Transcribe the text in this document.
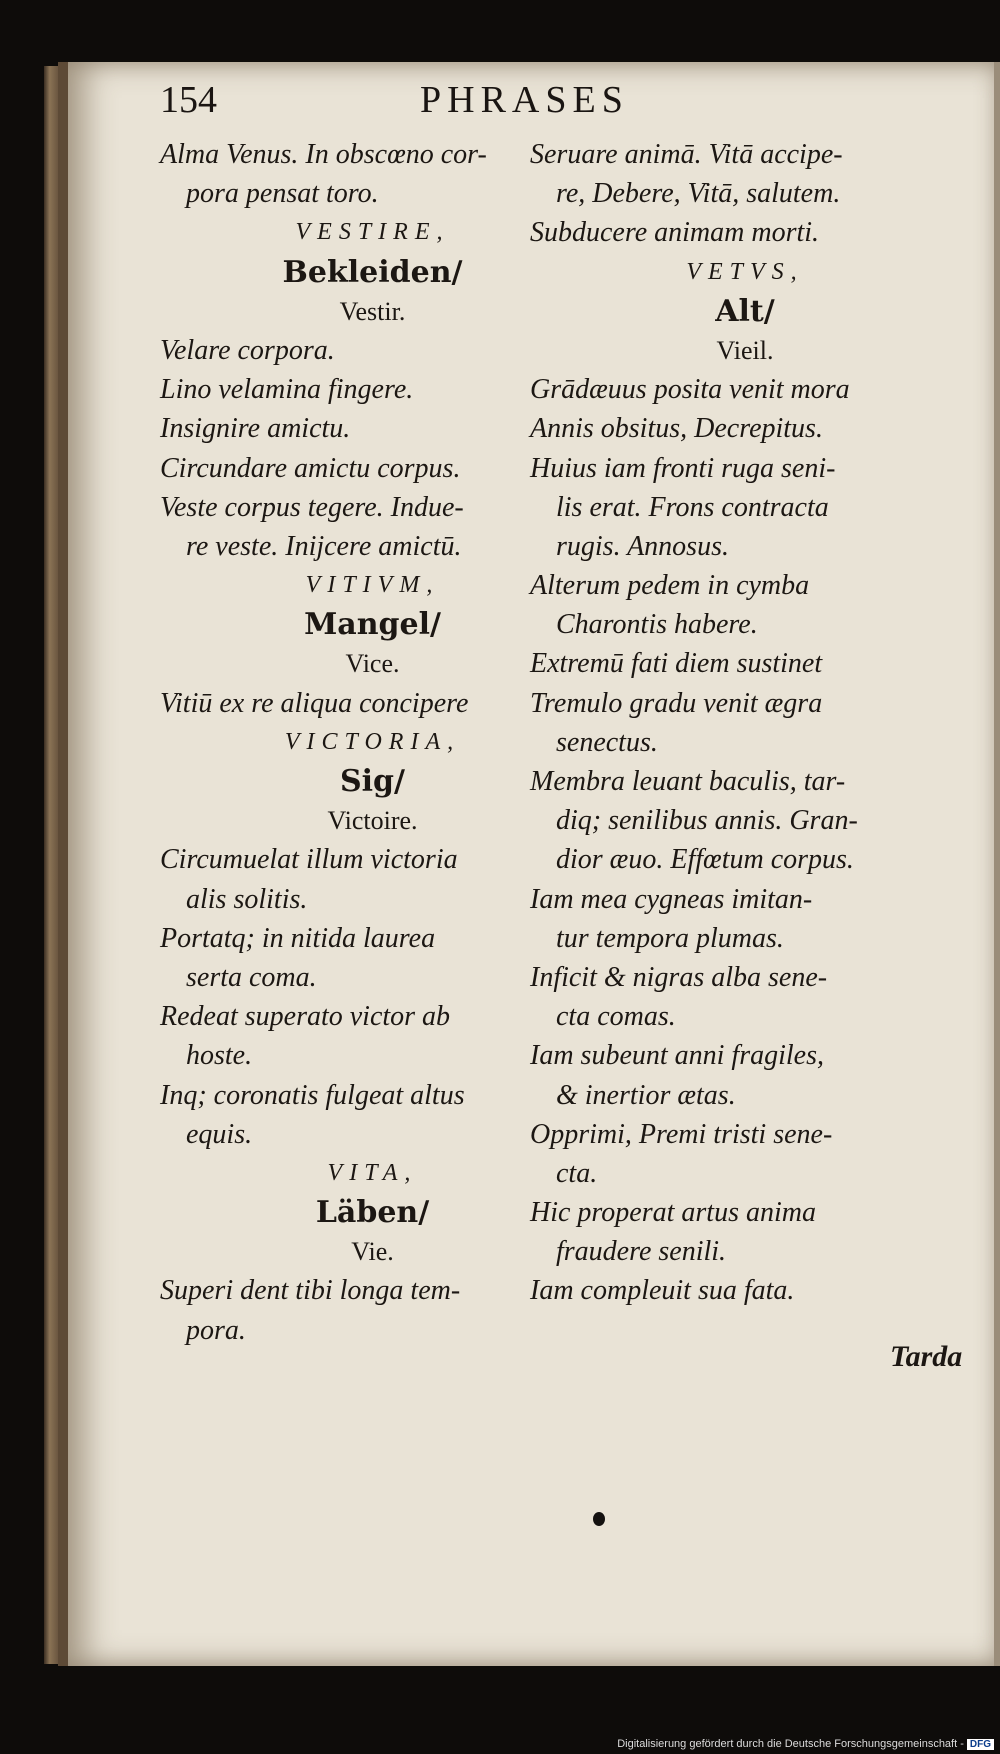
154	PHRASES
Alma Venus. In obscœno cor-
pora pensat toro.
VESTIRE,
Bekleiden/
Vestir.
Velare corpora.
Lino velamina fingere.
Insignire amictu.
Circundare amictu corpus.
Veste corpus tegere. Indue-
re veste. Inijcere amictū.
VITIVM,
Mangel/
Vice.
Vitiū ex re aliqua concipere
VICTORIA,
Sig/
Victoire.
Circumuelat illum victoria
alis solitis.
Portatq; in nitida laurea
serta coma.
Redeat superato victor ab
hoste.
Inq; coronatis fulgeat altus
equis.
VITA,
Läben/
Vie.
Superi dent tibi longa tem-
pora.
Seruare animā. Vitā accipe-
re, Debere, Vitā, salutem.
Subducere animam morti.
VETVS,
Alt/
Vieil.
Grādæuus posita venit mora
Annis obsitus, Decrepitus.
Huius iam fronti ruga seni-
lis erat. Frons contracta
rugis. Annosus.
Alterum pedem in cymba
Charontis habere.
Extremū fati diem sustinet
Tremulo gradu venit ægra
senectus.
Membra leuant baculis, tar-
diq; senilibus annis. Gran-
dior æuo. Effœtum corpus.
Iam mea cygneas imitan-
tur tempora plumas.
Inficit & nigras alba sene-
cta comas.
Iam subeunt anni fragiles,
& inertior ætas.
Opprimi, Premi tristi sene-
cta.
Hic properat artus anima
fraudere senili.
Iam compleuit sua fata.
Tarda
Digitalisierung gefördert durch die Deutsche Forschungsgemeinschaft - DFG
